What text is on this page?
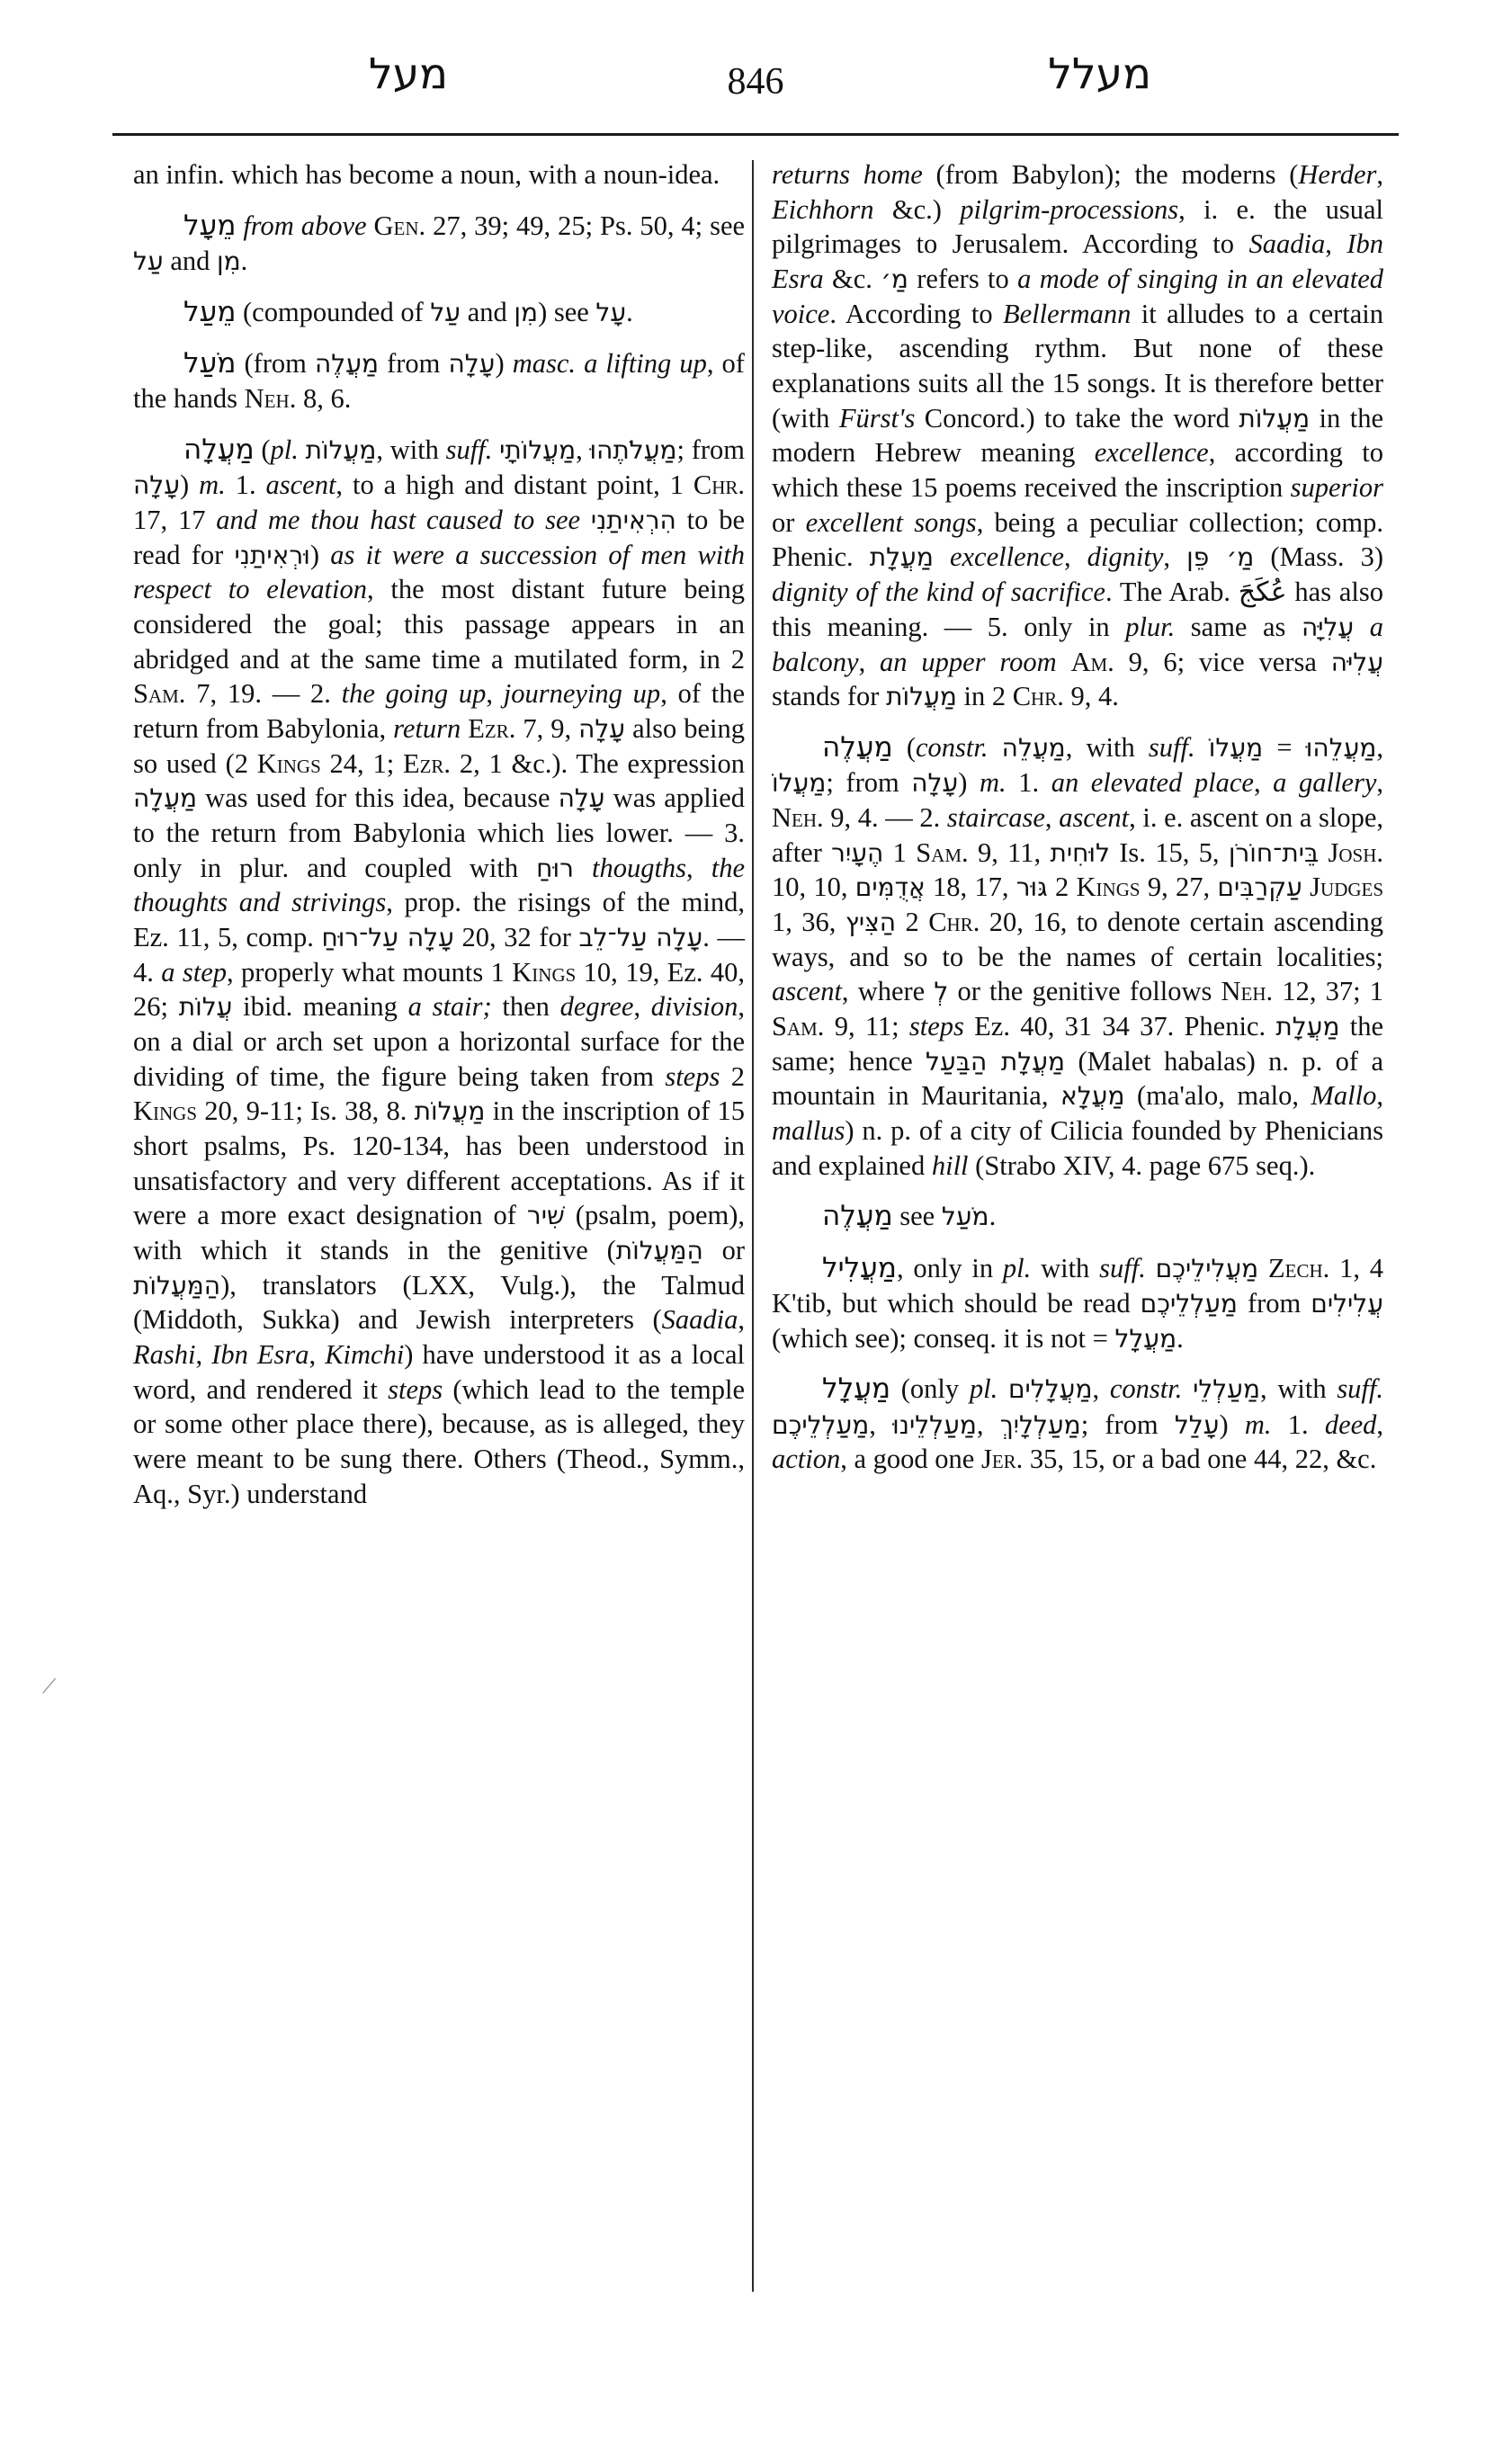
מעל	846	מעלל

an infin. which has become a noun, with a noun-idea.

מֵעָל from above Gen. 27, 39; 49, 25; Ps. 50, 4; see עַל and מִן.

מֵעַל (compounded of עַל and מִן) see עָל.

מֹעַל (from מַעֲלֶה from עָלָה) masc. a lifting up, of the hands Neh. 8, 6.

מַעֲלָה (pl. מַעֲלוֹת, with suff. מַעֲלוֹתָי, מַעֲלֹתֶהוּ; from עָלָה) m. 1. ascent, to a high and distant point, 1 Chr. 17, 17 and me thou hast caused to see הִרְאִיתַנִי to be read for וּרְאִיתַנִי) as it were a succession of men with respect to elevation, the most distant future being considered the goal; this passage appears in an abridged and at the same time a mutilated form, in 2 Sam. 7, 19. — 2. the going up, journeying up, of the return from Babylonia, return Ezr. 7, 9, עָלָה also being so used (2 Kings 24, 1; Ezr. 2, 1 &c.). The expression מַעֲלָה was used for this idea, because עָלָה was applied to the return from Babylonia which lies lower. — 3. only in plur. and coupled with רוּחַ thougths, the thoughts and strivings, prop. the risings of the mind, Ez. 11, 5, comp. עָלָה עַל־רוּחַ 20, 32 for עָלָה עַל־לֵב. — 4. a step, properly what mounts 1 Kings 10, 19, Ez. 40, 26; עֲלוֹת ibid. meaning a stair; then degree, division, on a dial or arch set upon a horizontal surface for the dividing of time, the figure being taken from steps 2 Kings 20, 9-11; Is. 38, 8. מַעֲלוֹת in the inscription of 15 short psalms, Ps. 120-134, has been understood in unsatisfactory and very different acceptations. As if it were a more exact designation of שִׁיר (psalm, poem), with which it stands in the genitive (הַמַּעֲלוֹת or הַמַּעֲלוֹת), translators (LXX, Vulg.), the Talmud (Middoth, Sukka) and Jewish interpreters (Saadia, Rashi, Ibn Esra, Kimchi) have understood it as a local word, and rendered it steps (which lead to the temple or some other place there), because, as is alleged, they were meant to be sung there. Others (Theod., Symm., Aq., Syr.) understand

returns home (from Babylon); the moderns (Herder, Eichhorn &c.) pilgrim-processions, i. e. the usual pilgrimages to Jerusalem. According to Saadia, Ibn Esra &c. מַ׳ refers to a mode of singing in an elevated voice. According to Bellermann it alludes to a certain step-like, ascending rythm. But none of these explanations suits all the 15 songs. It is therefore better (with Fürst's Concord.) to take the word מַעֲלוֹת in the modern Hebrew meaning excellence, according to which these 15 poems received the inscription superior or excellent songs, being a peculiar collection; comp. Phenic. מַעֲלָת excellence, dignity, מַ׳ פֵּן (Mass. 3) dignity of the kind of sacrifice. The Arab. عُكَجَ has also this meaning. — 5. only in plur. same as עֲלִיָּה a balcony, an upper room Am. 9, 6; vice versa עֲלִיּה stands for מַעֲלוֹת in 2 Chr. 9, 4.

מַעֲלֶה (constr. מַעֲלֵה, with suff. מַעֲלוֹ = מַעֲלֵהוּ, מַעֲלוֹ; from עָלָה) m. 1. an elevated place, a gallery, Neh. 9, 4. — 2. staircase, ascent, i. e. ascent on a slope, after הֶעָיִר 1 Sam. 9, 11, לוּחִית Is. 15, 5, בֵּית־חוֹרֹן Josh. 10, 10, אֲדֻמִּים 18, 17, גּוּר 2 Kings 9, 27, עַקְרַבִּים Judges 1, 36, הַצִּיץ 2 Chr. 20, 16, to denote certain ascending ways, and so to be the names of certain localities; ascent, where לְ or the genitive follows Neh. 12, 37; 1 Sam. 9, 11; steps Ez. 40, 31 34 37. Phenic. מַעֲלָת the same; hence מַעֲלָת הַבַּעַל (Malet habalas) n. p. of a mountain in Mauritania, מַעֲלָא (ma'alo, malo, Mallo, mallus) n. p. of a city of Cilicia founded by Phenicians and explained hill (Strabo XIV, 4. page 675 seq.).

מַעֲלֶה see מֹעַל.

מַעֲלִיל, only in pl. with suff. מַעֲלִילֵיכֶם Zech. 1, 4 K'tib, but which should be read מַעַלְלֵיכֶם from עֲלִילִים (which see); conseq. it is not = מַעֲלָל.

מַעֲלָל (only pl. מַעֲלָלִים, constr. מַעַלְלֵי, with suff. מַעַלְלֵיכֶם, מַעַלְלֵינוּ, מַעַלְלָיִךְ; from עָלַל) m. 1. deed, action, a good one Jer. 35, 15, or a bad one 44, 22, &c.

⟋
